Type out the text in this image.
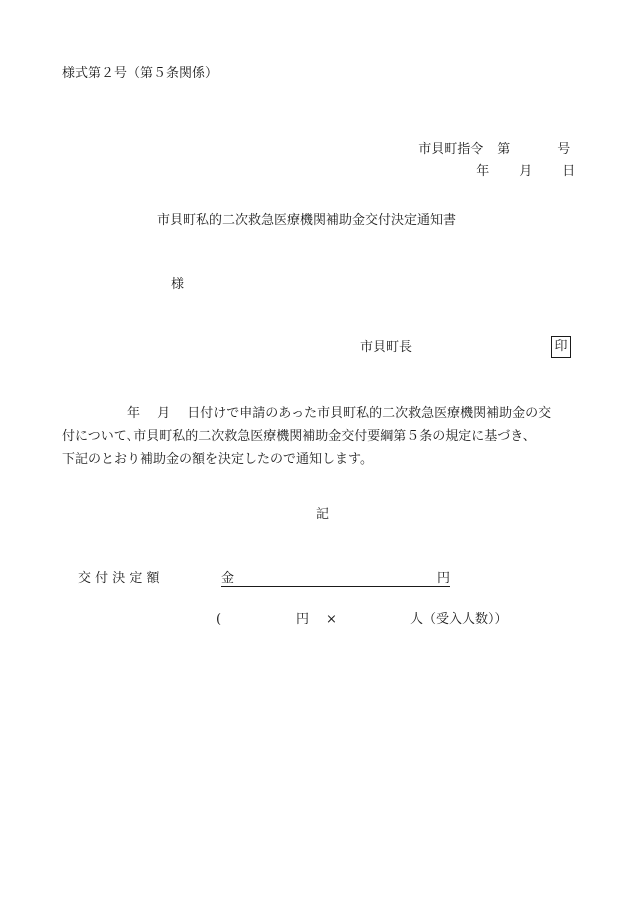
様式第２号（第５条関係）

市貝町指令 第	号

年 月 日

市貝町私的二次救急医療機関補助金交付決定通知書
様
市貝町長	印
　　　　　年　 月　 日付けで申請のあった市貝町私的二次救急医療機関補助金の交
付について､市貝町私的二次救急医療機関補助金交付要綱第５条の規定に基づき、
下記のとおり補助金の額を決定したので通知します。
記
交 付 決 定 額	金	円
(	円 ×	人（受入人数））
